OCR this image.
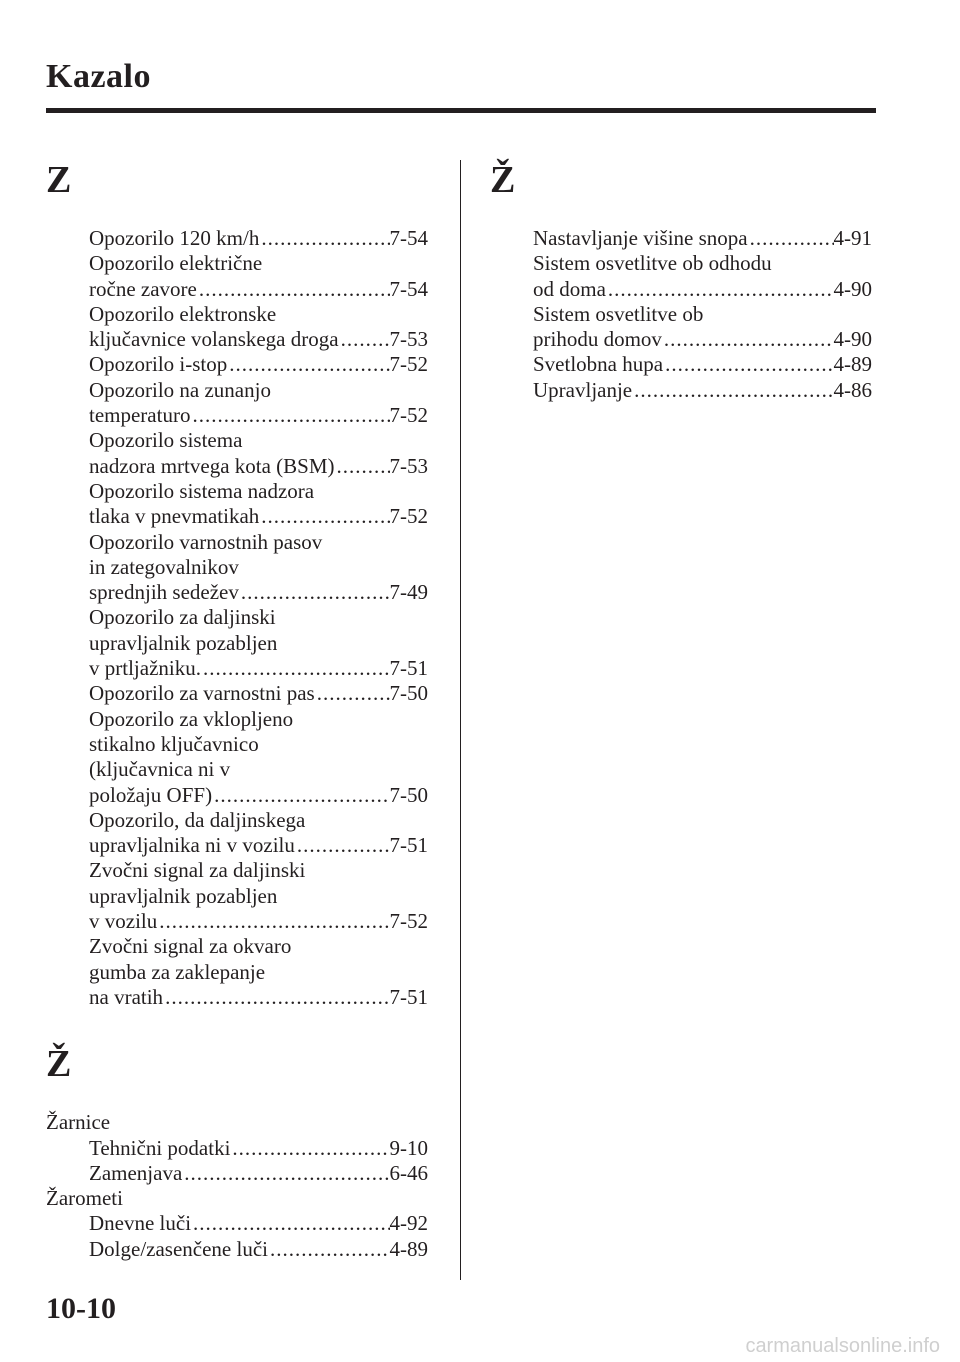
Kazalo
Z
Opozorilo 120 km/h .....	7-54
Opozorilo električne
ročne zavore .....	7-54
Opozorilo elektronske
ključavnice volanskega droga ..... 7-53
Opozorilo i-stop .....	7-52
Opozorilo na zunanjo
temperaturo .....	7-52
Opozorilo sistema
nadzora mrtvega kota (BSM) .....	7-53
Opozorilo sistema nadzora
tlaka v pnevmatikah .....	7-52
Opozorilo varnostnih pasov
in zategovalnikov
sprednjih sedežev .....	7-49
Opozorilo za daljinski
upravljalnik pozabljen
v prtljažniku. .....	7-51
Opozorilo za varnostni pas .....	7-50
Opozorilo za vklopljeno
stikalno ključavnico
(ključavnica ni v
položaju OFF) .....	7-50
Opozorilo, da daljinskega
upravljalnika ni v vozilu .....	7-51
Zvočni signal za daljinski
upravljalnik pozabljen
v vozilu .....	7-52
Zvočni signal za okvaro
gumba za zaklepanje
na vratih .....	7-51
Ž
Žarnice
Tehnični podatki .....	9-10
Zamenjava .....	6-46
Žarometi
Dnevne luči .....	4-92
Dolge/zasenčene luči .....	4-89
Ž
Nastavljanje višine snopa .....	4-91
Sistem osvetlitve ob odhodu
od doma .....	4-90
Sistem osvetlitve ob
prihodu domov .....	4-90
Svetlobna hupa .....	4-89
Upravljanje .....	4-86
10-10
carmanualsonline.info
